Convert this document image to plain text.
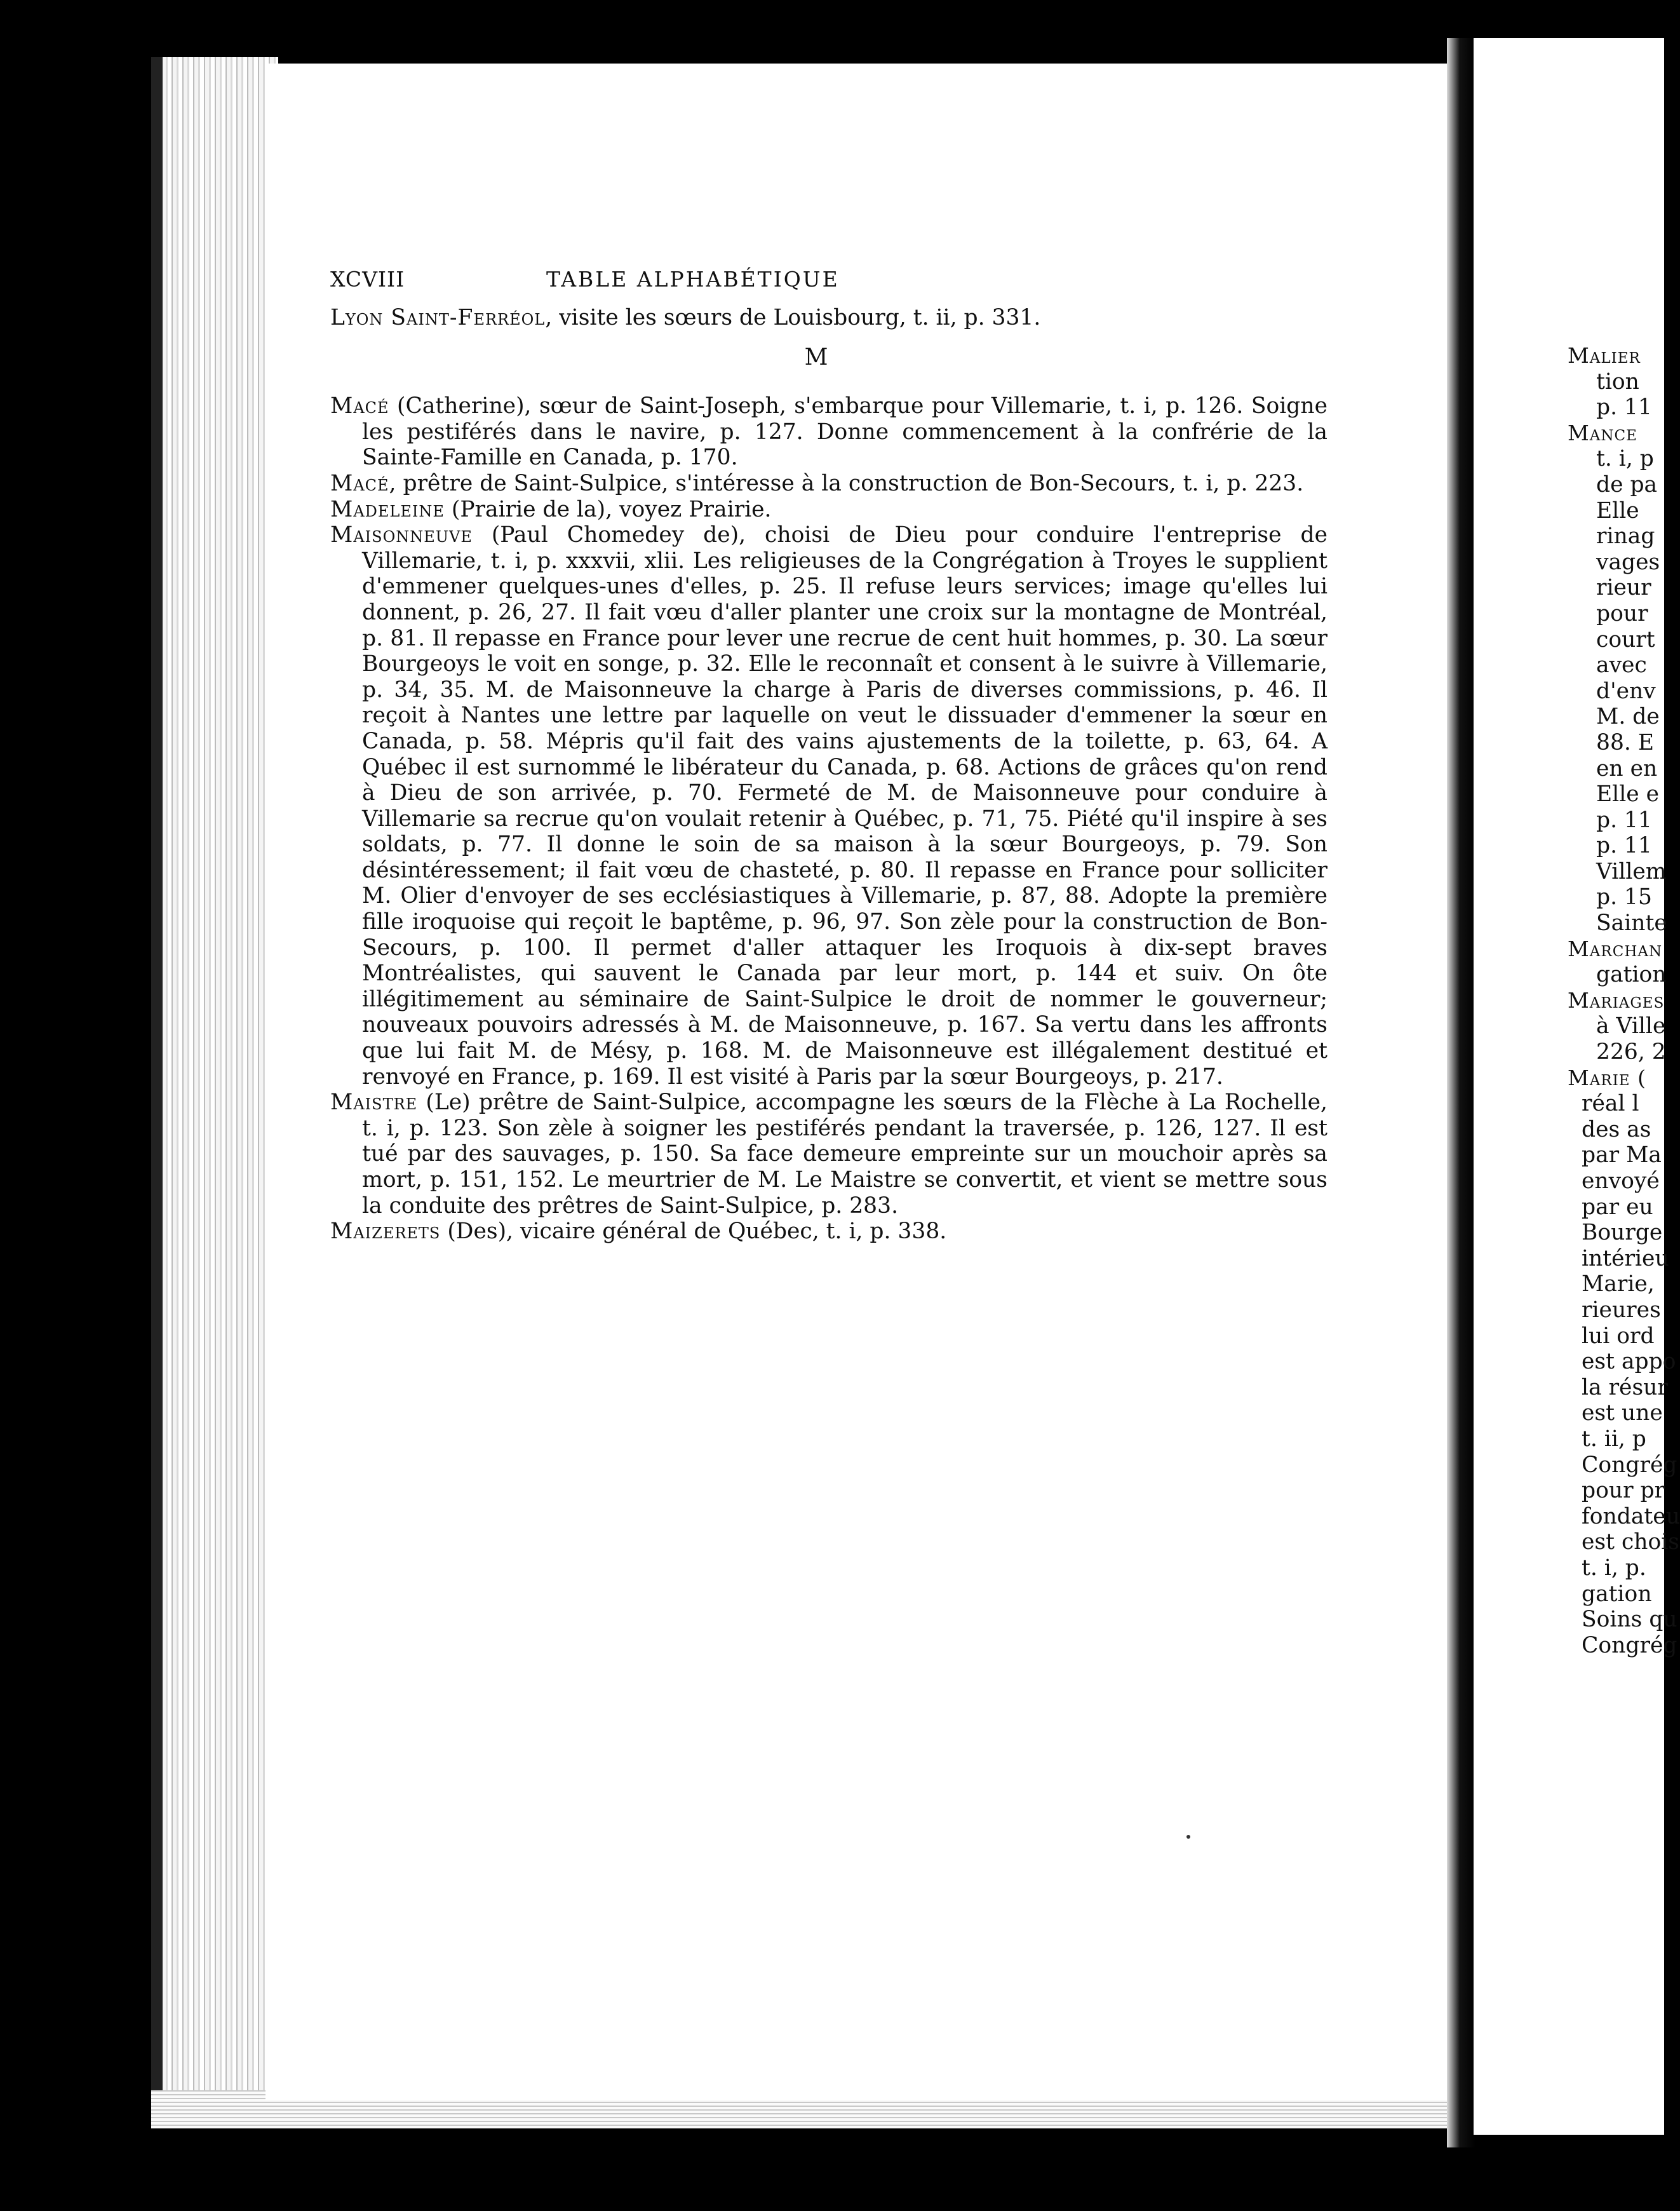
XCVIII	TABLE ALPHABÉTIQUE

Lyon Saint-Ferréol, visite les sœurs de Louisbourg, t. ii, p. 331.

M

Macé (Catherine), sœur de Saint-Joseph, s'embarque pour Villemarie, t. i, p. 126. Soigne les pestiférés dans le navire, p. 127. Donne commencement à la confrérie de la Sainte-Famille en Canada, p. 170.

Macé, prêtre de Saint-Sulpice, s'intéresse à la construction de Bon-Secours, t. i, p. 223.

Madeleine (Prairie de la), voyez Prairie.

Maisonneuve (Paul Chomedey de), choisi de Dieu pour conduire l'entreprise de Villemarie, t. i, p. xxxvii, xlii. Les religieuses de la Congrégation à Troyes le supplient d'emmener quelques-unes d'elles, p. 25. Il refuse leurs services; image qu'elles lui donnent, p. 26, 27. Il fait vœu d'aller planter une croix sur la montagne de Montréal, p. 81. Il repasse en France pour lever une recrue de cent huit hommes, p. 30. La sœur Bourgeoys le voit en songe, p. 32. Elle le reconnaît et consent à le suivre à Villemarie, p. 34, 35. M. de Maisonneuve la charge à Paris de diverses commissions, p. 46. Il reçoit à Nantes une lettre par laquelle on veut le dissuader d'emmener la sœur en Canada, p. 58. Mépris qu'il fait des vains ajustements de la toilette, p. 63, 64. A Québec il est surnommé le libérateur du Canada, p. 68. Actions de grâces qu'on rend à Dieu de son arrivée, p. 70. Fermeté de M. de Maisonneuve pour conduire à Villemarie sa recrue qu'on voulait retenir à Québec, p. 71, 75. Piété qu'il inspire à ses soldats, p. 77. Il donne le soin de sa maison à la sœur Bourgeoys, p. 79. Son désintéressement; il fait vœu de chasteté, p. 80. Il repasse en France pour solliciter M. Olier d'envoyer de ses ecclésiastiques à Villemarie, p. 87, 88. Adopte la première fille iroquoise qui reçoit le baptême, p. 96, 97. Son zèle pour la construction de Bon-Secours, p. 100. Il permet d'aller attaquer les Iroquois à dix-sept braves Montréalistes, qui sauvent le Canada par leur mort, p. 144 et suiv. On ôte illégitimement au séminaire de Saint-Sulpice le droit de nommer le gouverneur; nouveaux pouvoirs adressés à M. de Maisonneuve, p. 167. Sa vertu dans les affronts que lui fait M. de Mésy, p. 168. M. de Maisonneuve est illégalement destitué et renvoyé en France, p. 169. Il est visité à Paris par la sœur Bourgeoys, p. 217.

Maistre (Le) prêtre de Saint-Sulpice, accompagne les sœurs de la Flèche à La Rochelle, t. i, p. 123. Son zèle à soigner les pestiférés pendant la traversée, p. 126, 127. Il est tué par des sauvages, p. 150. Sa face demeure empreinte sur un mouchoir après sa mort, p. 151, 152. Le meurtrier de M. Le Maistre se convertit, et vient se mettre sous la conduite des prêtres de Saint-Sulpice, p. 283.

Maizerets (Des), vicaire général de Québec, t. i, p. 338.

Malier
tion
p. 11
Mance
t. i, p
de pa
Elle
rinag
vages
rieur
pour
court
avec
d'env
M. de
88. E
en en
Elle e
p. 11
p. 11
Villem
p. 15
Sainte
Marchan
gation
Mariages
à Ville
226, 2
Marie (
réal l
des as
par Ma
envoyé
par eu
Bourge
intérieu
Marie,
rieures
lui ord
est appo
la résur
est une
t. ii, p
Congrég
pour pr
fondateu
est chois
t. i, p.
gation
Soins qu
Congrég
